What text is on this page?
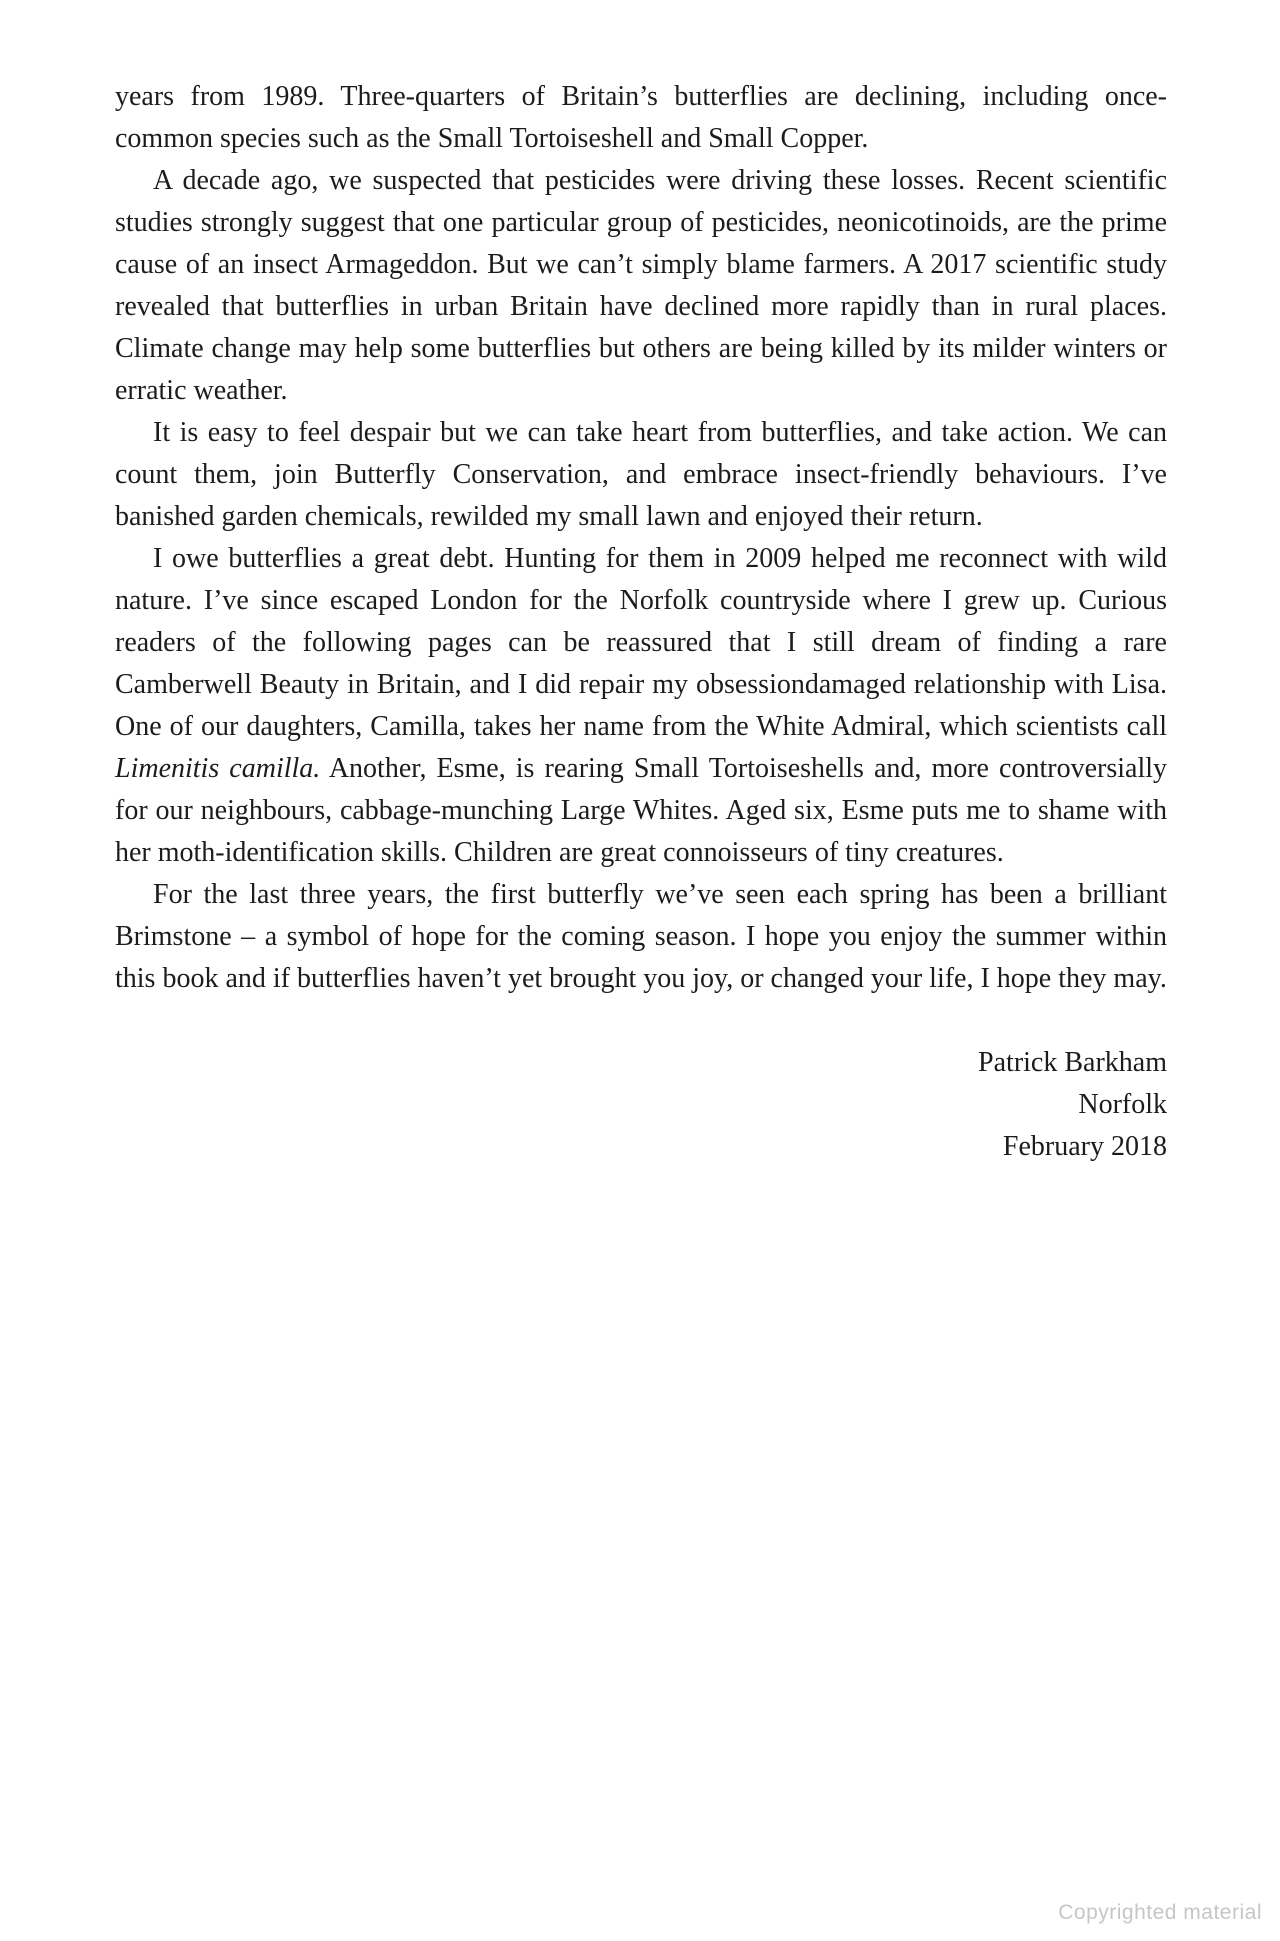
years from 1989. Three-quarters of Britain’s butterflies are declining, including once-common species such as the Small Tortoiseshell and Small Copper.

A decade ago, we suspected that pesticides were driving these losses. Recent scientific studies strongly suggest that one particular group of pesticides, neonicotinoids, are the prime cause of an insect Armageddon. But we can’t simply blame farmers. A 2017 scientific study revealed that butterflies in urban Britain have declined more rapidly than in rural places. Climate change may help some butterflies but others are being killed by its milder winters or erratic weather.

It is easy to feel despair but we can take heart from butterflies, and take action. We can count them, join Butterfly Conservation, and embrace insect-friendly behaviours. I’ve banished garden chemicals, rewilded my small lawn and enjoyed their return.

I owe butterflies a great debt. Hunting for them in 2009 helped me reconnect with wild nature. I’ve since escaped London for the Norfolk countryside where I grew up. Curious readers of the following pages can be reassured that I still dream of finding a rare Camberwell Beauty in Britain, and I did repair my obsessiondamaged relationship with Lisa. One of our daughters, Camilla, takes her name from the White Admiral, which scientists call Limenitis camilla. Another, Esme, is rearing Small Tortoiseshells and, more controversially for our neighbours, cabbage-munching Large Whites. Aged six, Esme puts me to shame with her moth-identification skills. Children are great connoisseurs of tiny creatures.

For the last three years, the first butterfly we’ve seen each spring has been a brilliant Brimstone – a symbol of hope for the coming season. I hope you enjoy the summer within this book and if butterflies haven’t yet brought you joy, or changed your life, I hope they may.

Patrick Barkham
Norfolk
February 2018
Copyrighted material
